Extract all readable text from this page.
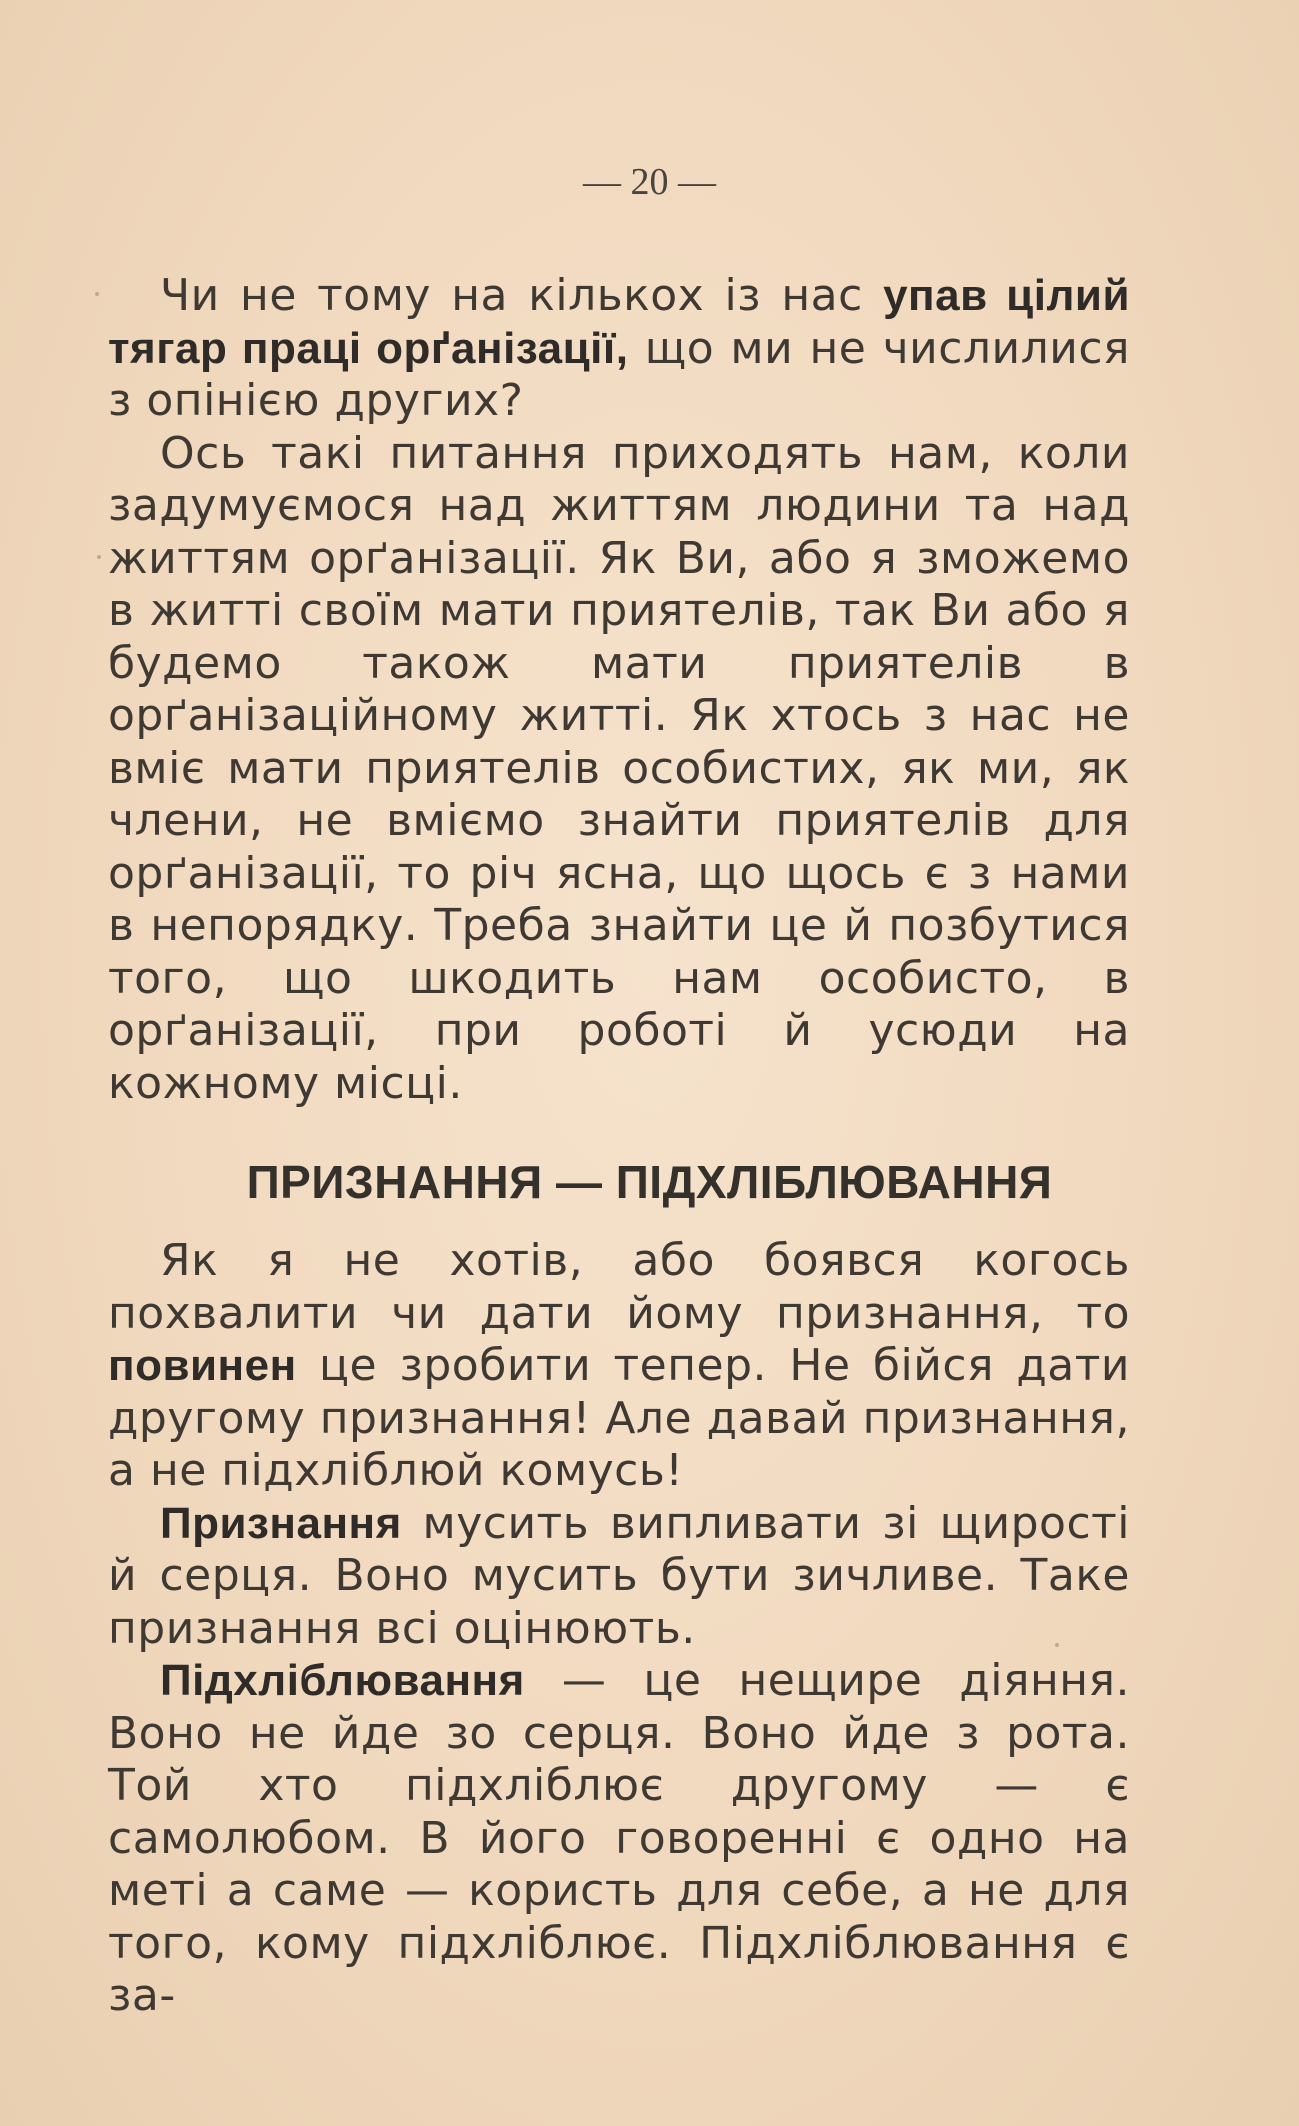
— 20 —

Чи не тому на кількох із нас упав цілий тягар праці орґанізації, що ми не числилися з опінією других?

Ось такі питання приходять нам, коли задумуємося над життям людини та над життям орґанізації. Як Ви, або я зможемо в житті своїм мати приятелів, так Ви або я будемо також мати приятелів в орґанізаційному житті. Як хтось з нас не вміє мати приятелів особистих, як ми, як члени, не вміємо знайти приятелів для орґанізації, то річ ясна, що щось є з нами в непорядку. Треба знайти це й позбутися того, що шкодить нам особисто, в орґанізації, при роботі й усюди на кожному місці.

ПРИЗНАННЯ — ПІДХЛІБЛЮВАННЯ

Як я не хотів, або боявся когось похвалити чи дати йому признання, то повинен це зробити тепер. Не бійся дати другому признання! Але давай признання, а не підхліблюй комусь!

Признання мусить випливати зі щирості й серця. Воно мусить бути зичливе. Таке признання всі оцінюють.

Підхліблювання — це нещире діяння. Воно не йде зо серця. Воно йде з рота. Той хто підхліблює другому — є самолюбом. В його говоренні є одно на меті а саме — користь для себе, а не для того, кому підхліблює. Підхліблювання є за-
